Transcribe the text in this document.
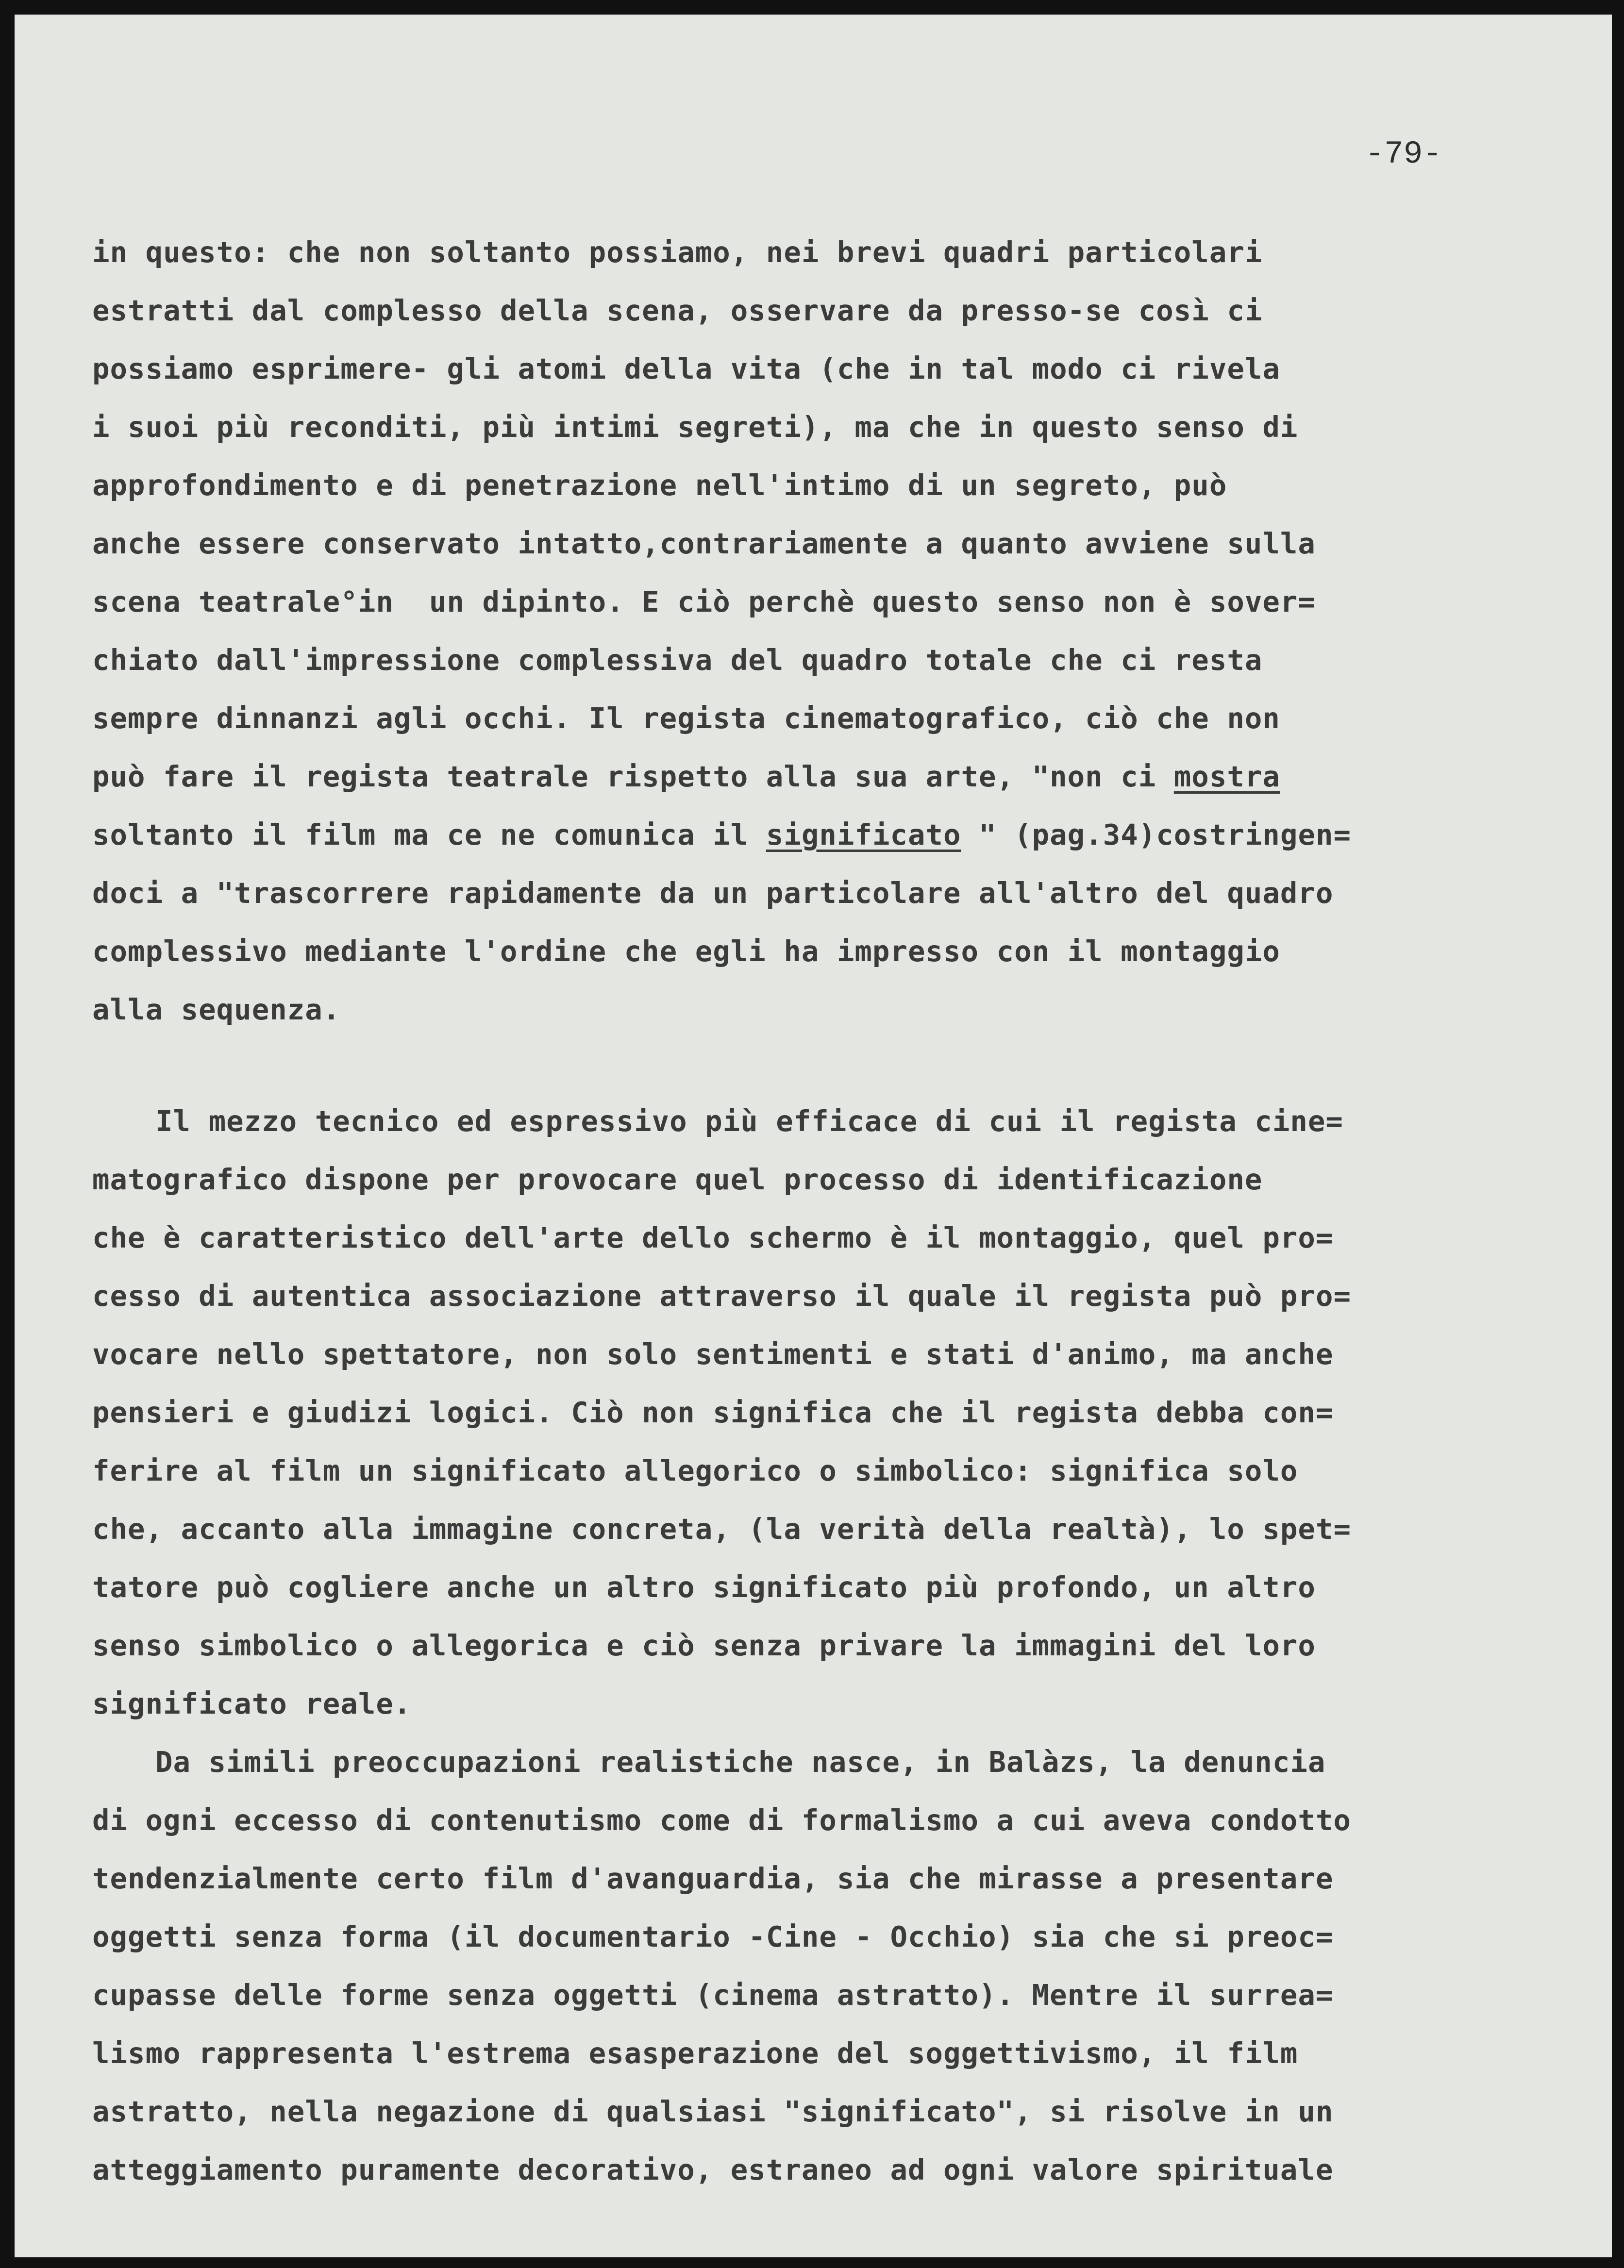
-79-
in questo: che non soltanto possiamo, nei brevi quadri particolari
estratti dal complesso della scena, osservare da presso-se così ci
possiamo esprimere- gli atomi della vita (che in tal modo ci rivela
i suoi più reconditi, più intimi segreti), ma che in questo senso di
approfondimento e di penetrazione nell'intimo di un segreto, può
anche essere conservato intatto,contrariamente a quanto avviene sulla
scena teatrale°in  un dipinto. E ciò perchè questo senso non è sover=
chiato dall'impressione complessiva del quadro totale che ci resta
sempre dinnanzi agli occhi. Il regista cinematografico, ciò che non
può fare il regista teatrale rispetto alla sua arte, "non ci mostra
soltanto il film ma ce ne comunica il significato " (pag.34)costringen=
doci a "trascorrere rapidamente da un particolare all'altro del quadro
complessivo mediante l'ordine che egli ha impresso con il montaggio
alla sequenza.
Il mezzo tecnico ed espressivo più efficace di cui il regista cine=
matografico dispone per provocare quel processo di identificazione
che è caratteristico dell'arte dello schermo è il montaggio, quel pro=
cesso di autentica associazione attraverso il quale il regista può pro=
vocare nello spettatore, non solo sentimenti e stati d'animo, ma anche
pensieri e giudizi logici. Ciò non significa che il regista debba con=
ferire al film un significato allegorico o simbolico: significa solo
che, accanto alla immagine concreta, (la verità della realtà), lo spet=
tatore può cogliere anche un altro significato più profondo, un altro
senso simbolico o allegorica e ciò senza privare la immagini del loro
significato reale.
Da simili preoccupazioni realistiche nasce, in Balàzs, la denuncia
di ogni eccesso di contenutismo come di formalismo a cui aveva condotto
tendenzialmente certo film d'avanguardia, sia che mirasse a presentare
oggetti senza forma (il documentario -Cine - Occhio) sia che si preoc=
cupasse delle forme senza oggetti (cinema astratto). Mentre il surrea=
lismo rappresenta l'estrema esasperazione del soggettivismo, il film
astratto, nella negazione di qualsiasi "significato", si risolve in un
atteggiamento puramente decorativo, estraneo ad ogni valore spirituale
